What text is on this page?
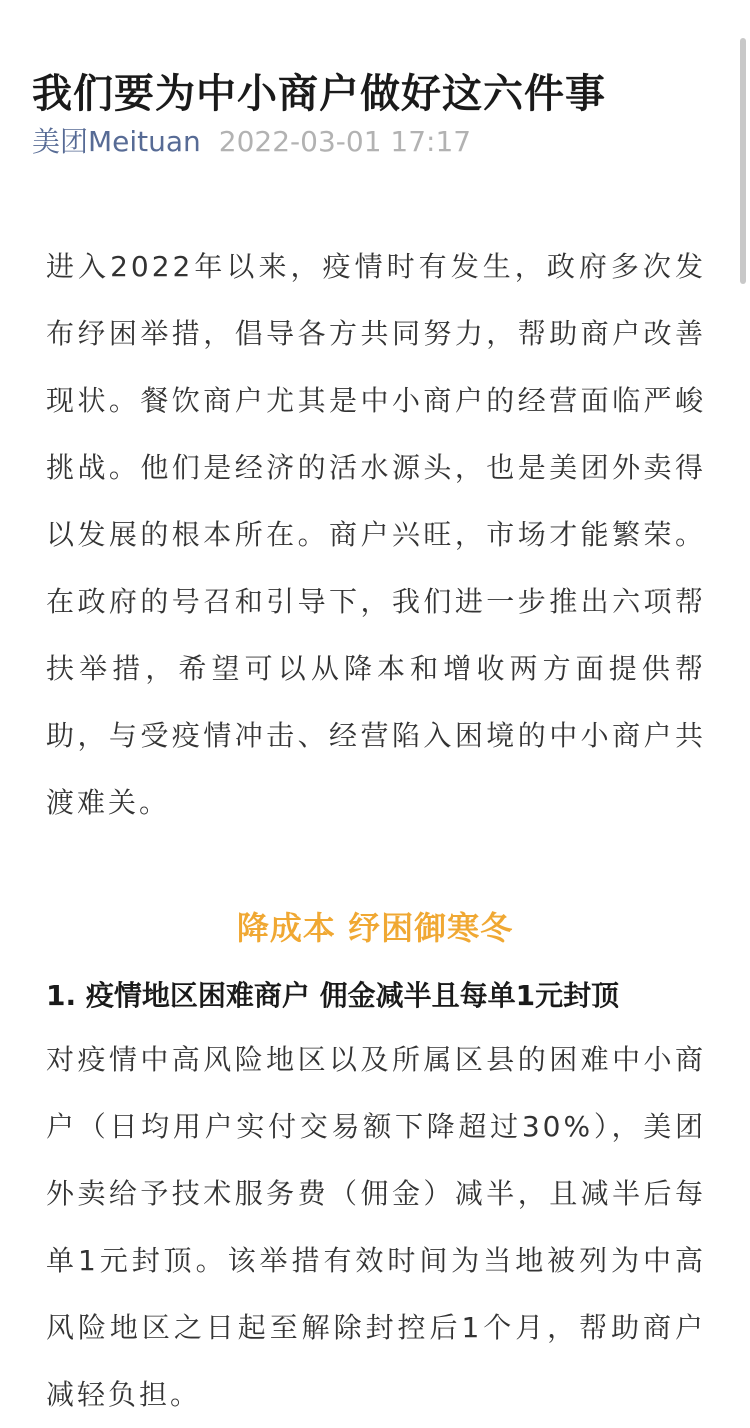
我们要为中小商户做好这六件事
美团Meituan 2022-03-01 17:17

进入2022年以来，疫情时有发生，政府多次发布纾困举措，倡导各方共同努力，帮助商户改善现状。餐饮商户尤其是中小商户的经营面临严峻挑战。他们是经济的活水源头，也是美团外卖得以发展的根本所在。商户兴旺，市场才能繁荣。在政府的号召和引导下，我们进一步推出六项帮扶举措，希望可以从降本和增收两方面提供帮助，与受疫情冲击、经营陷入困境的中小商户共渡难关。

降成本 纾困御寒冬

1. 疫情地区困难商户 佣金减半且每单1元封顶

对疫情中高风险地区以及所属区县的困难中小商户（日均用户实付交易额下降超过30%），美团外卖给予技术服务费（佣金）减半，且减半后每单1元封顶。该举措有效时间为当地被列为中高风险地区之日起至解除封控后1个月，帮助商户减轻负担。
